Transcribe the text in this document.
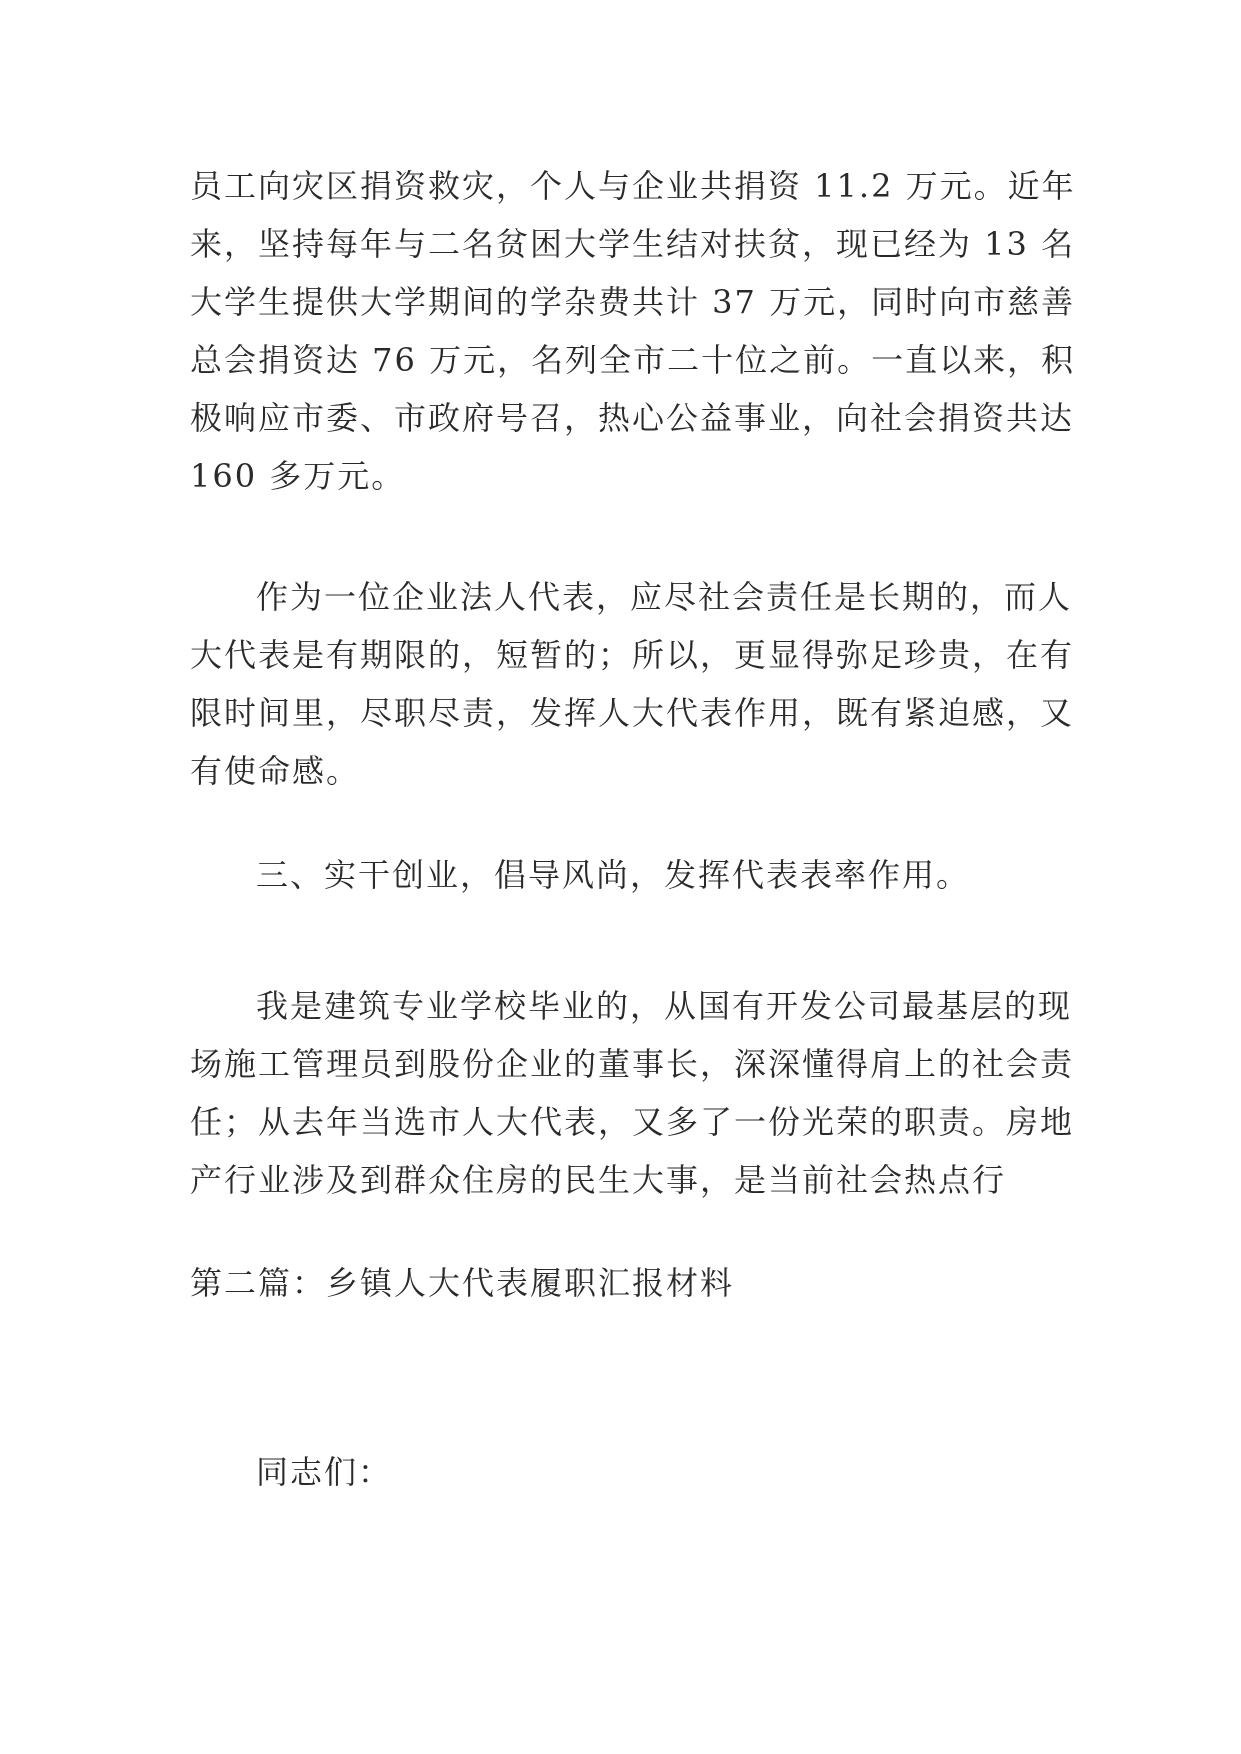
员工向灾区捐资救灾，个人与企业共捐资 11.2 万元。近年
来，坚持每年与二名贫困大学生结对扶贫，现已经为 13 名
大学生提供大学期间的学杂费共计 37 万元，同时向市慈善
总会捐资达 76 万元，名列全市二十位之前。一直以来，积
极响应市委、市政府号召，热心公益事业，向社会捐资共达
160 多万元。
作为一位企业法人代表，应尽社会责任是长期的，而人
大代表是有期限的，短暂的；所以，更显得弥足珍贵，在有
限时间里，尽职尽责，发挥人大代表作用，既有紧迫感，又
有使命感。
三、实干创业，倡导风尚，发挥代表表率作用。
我是建筑专业学校毕业的，从国有开发公司最基层的现
场施工管理员到股份企业的董事长，深深懂得肩上的社会责
任；从去年当选市人大代表，又多了一份光荣的职责。房地
产行业涉及到群众住房的民生大事，是当前社会热点行
第二篇：乡镇人大代表履职汇报材料
同志们：
